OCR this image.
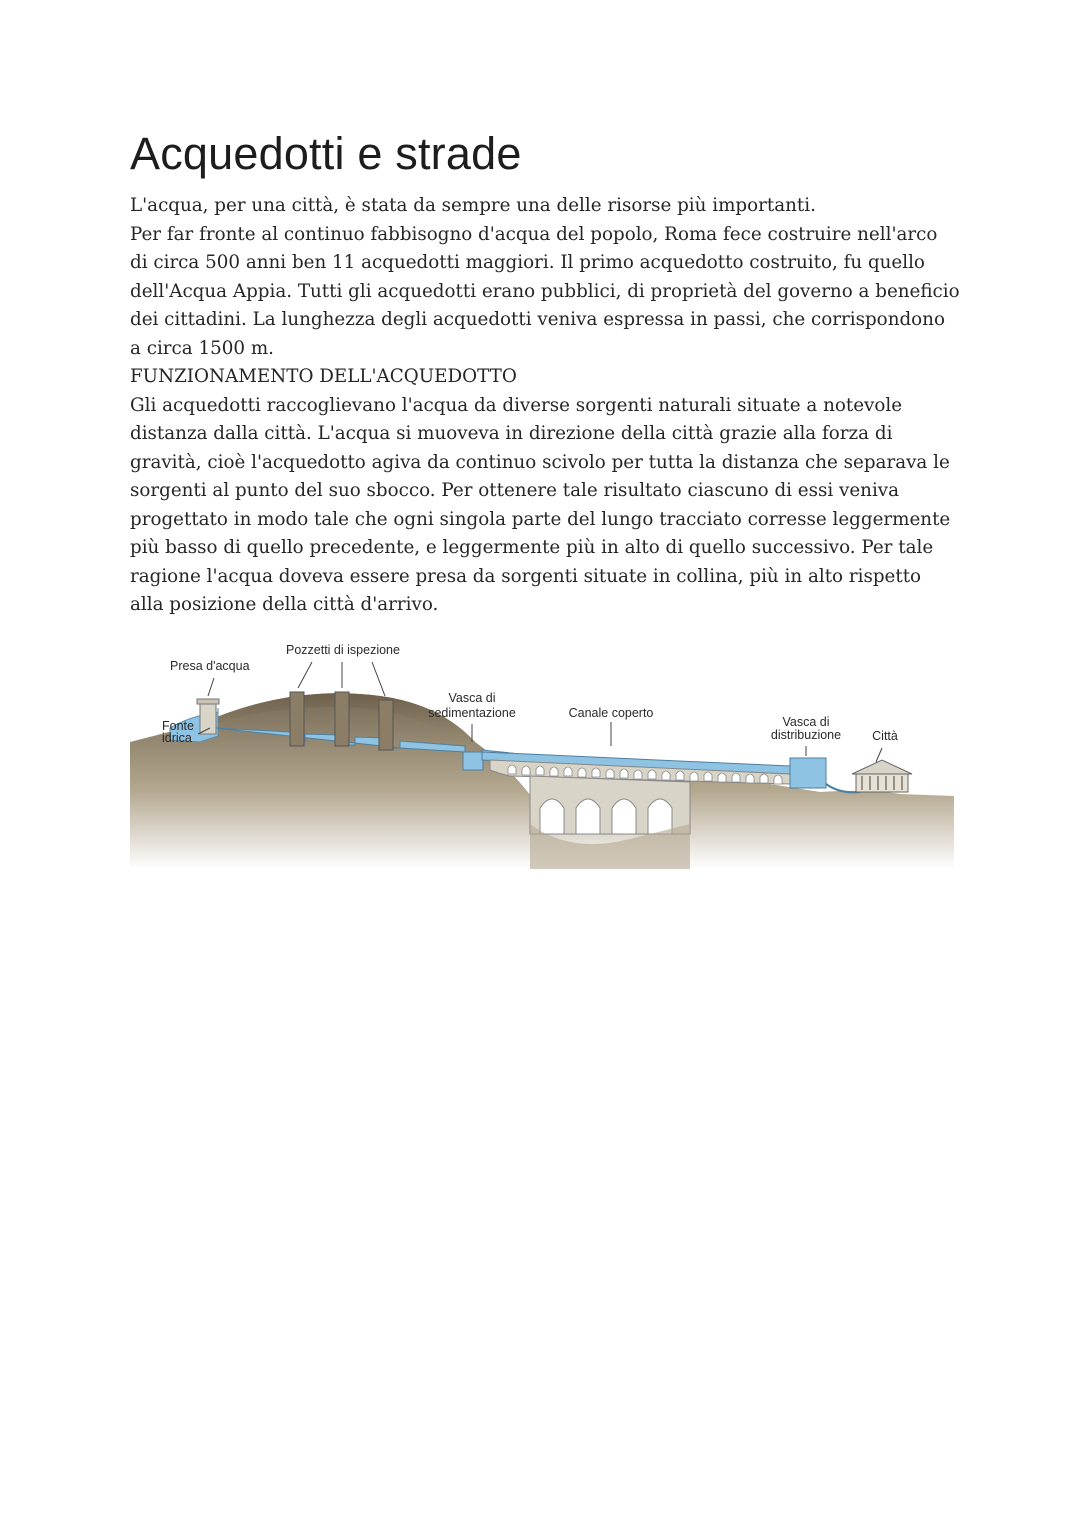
Acquedotti e strade

L'acqua, per una città, è stata da sempre una delle risorse più importanti.

Per far fronte al continuo fabbisogno d'acqua del popolo, Roma fece costruire nell'arco di circa 500 anni ben 11 acquedotti maggiori. Il primo acquedotto costruito, fu quello dell'Acqua Appia. Tutti gli acquedotti erano pubblici, di proprietà del governo a beneficio dei cittadini. La lunghezza degli acquedotti veniva espressa in passi, che corrispondono a circa 1500 m.

FUNZIONAMENTO DELL'ACQUEDOTTO

Gli acquedotti raccoglievano l'acqua da diverse sorgenti naturali situate a notevole distanza dalla città. L'acqua si muoveva in direzione della città grazie alla forza di gravità, cioè l'acquedotto agiva da continuo scivolo per tutta la distanza che separava le sorgenti al punto del suo sbocco. Per ottenere tale risultato ciascuno di essi veniva progettato in modo tale che ogni singola parte del lungo tracciato corresse leggermente più basso di quello precedente, e leggermente più in alto di quello successivo. Per tale ragione l'acqua doveva essere presa da sorgenti situate in collina, più in alto rispetto alla posizione della città d'arrivo.

Presa d'acqua
Pozzetti di ispezione
Fonte
idrica
Vasca di
sedimentazione	Canale coperto
Vasca di
distribuzione Città
